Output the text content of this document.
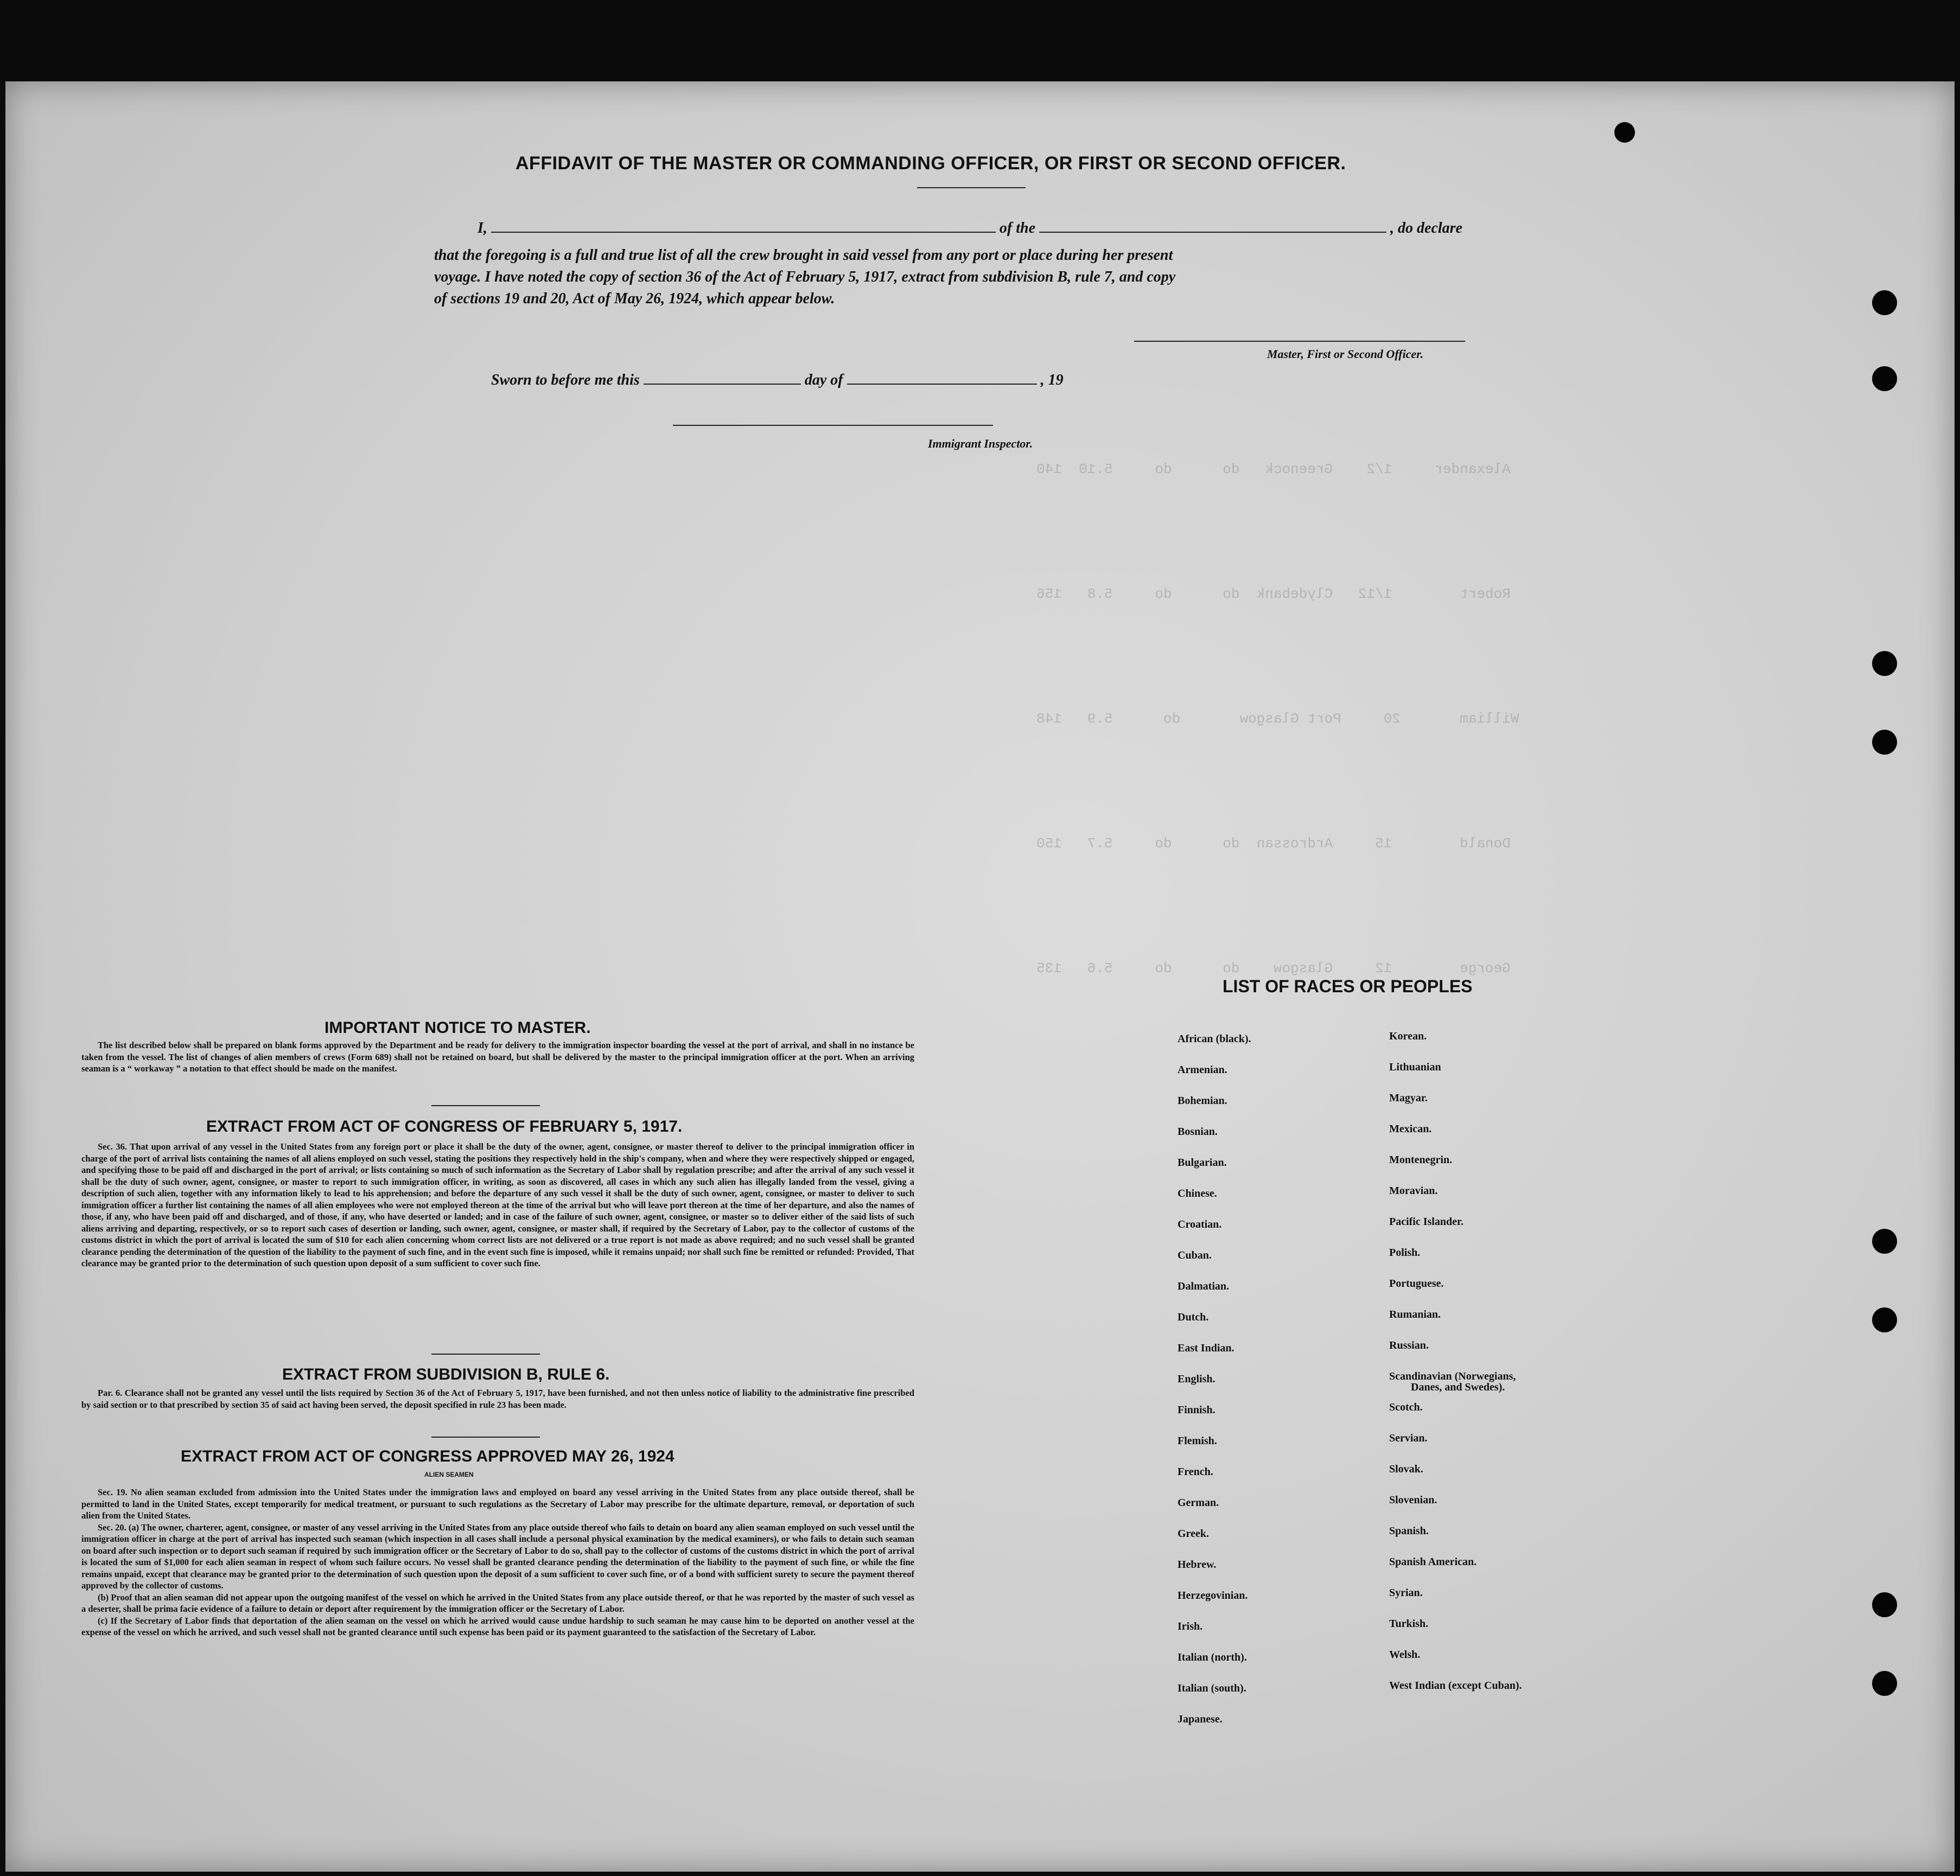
Alexander     1/2    Greenock   do      do     5.10  140
Robert        1/12   Clydebank  do      do     5.8   156
William       20     Port Glasgow       do      5.9   148
Donald        15     Ardrossan  do      do     5.7   150
George        12     Glasgow    do      do     5.6   135
AFFIDAVIT OF THE MASTER OR COMMANDING OFFICER, OR FIRST OR SECOND OFFICER.
I,	of the	, do declare
that the foregoing is a full and true list of all the crew brought in said vessel from any port or place during her present
voyage. I have noted the copy of section 36 of the Act of February 5, 1917, extract from subdivision B, rule 7, and copy
of sections 19 and 20, Act of May 26, 1924, which appear below.
Master, First or Second Officer.
Sworn to before me this	day of	, 19
Immigrant Inspector.
IMPORTANT NOTICE TO MASTER.

The list described below shall be prepared on blank forms approved by the Department and be ready for delivery to the immigration inspector boarding the vessel at the port of arrival, and shall in no instance be taken from the vessel. The list of changes of alien members of crews (Form 689) shall not be retained on board, but shall be delivered by the master to the principal immigration officer at the port. When an arriving seaman is a “ workaway ” a notation to that effect should be made on the manifest.

EXTRACT FROM ACT OF CONGRESS OF FEBRUARY 5, 1917.

Sec. 36. That upon arrival of any vessel in the United States from any foreign port or place it shall be the duty of the owner, agent, consignee, or master thereof to deliver to the principal immigration officer in charge of the port of arrival lists containing the names of all aliens employed on such vessel, stating the positions they respectively hold in the ship's company, when and where they were respectively shipped or engaged, and specifying those to be paid off and discharged in the port of arrival; or lists containing so much of such information as the Secretary of Labor shall by regulation prescribe; and after the arrival of any such vessel it shall be the duty of such owner, agent, consignee, or master to report to such immigration officer, in writing, as soon as discovered, all cases in which any such alien has illegally landed from the vessel, giving a description of such alien, together with any information likely to lead to his apprehension; and before the departure of any such vessel it shall be the duty of such owner, agent, consignee, or master to deliver to such immigration officer a further list containing the names of all alien employees who were not employed thereon at the time of the arrival but who will leave port thereon at the time of her departure, and also the names of those, if any, who have been paid off and discharged, and of those, if any, who have deserted or landed; and in case of the failure of such owner, agent, consignee, or master so to deliver either of the said lists of such aliens arriving and departing, respectively, or so to report such cases of desertion or landing, such owner, agent, consignee, or master shall, if required by the Secretary of Labor, pay to the collector of customs of the customs district in which the port of arrival is located the sum of $10 for each alien concerning whom correct lists are not delivered or a true report is not made as above required; and no such vessel shall be granted clearance pending the determination of the question of the liability to the payment of such fine, and in the event such fine is imposed, while it remains unpaid; nor shall such fine be remitted or refunded: Provided, That clearance may be granted prior to the determination of such question upon deposit of a sum sufficient to cover such fine.

EXTRACT FROM SUBDIVISION B, RULE 6.

Par. 6. Clearance shall not be granted any vessel until the lists required by Section 36 of the Act of February 5, 1917, have been furnished, and not then unless notice of liability to the administrative fine prescribed by said section or to that prescribed by section 35 of said act having been served, the deposit specified in rule 23 has been made.

EXTRACT FROM ACT OF CONGRESS APPROVED MAY 26, 1924
ALIEN SEAMEN

Sec. 19. No alien seaman excluded from admission into the United States under the immigration laws and employed on board any vessel arriving in the United States from any place outside thereof, shall be permitted to land in the United States, except temporarily for medical treatment, or pursuant to such regulations as the Secretary of Labor may prescribe for the ultimate departure, removal, or deportation of such alien from the United States.

Sec. 20. (a) The owner, charterer, agent, consignee, or master of any vessel arriving in the United States from any place outside thereof who fails to detain on board any alien seaman employed on such vessel until the immigration officer in charge at the port of arrival has inspected such seaman (which inspection in all cases shall include a personal physical examination by the medical examiners), or who fails to detain such seaman on board after such inspection or to deport such seaman if required by such immigration officer or the Secretary of Labor to do so, shall pay to the collector of customs of the customs district in which the port of arrival is located the sum of $1,000 for each alien seaman in respect of whom such failure occurs. No vessel shall be granted clearance pending the determination of the liability to the payment of such fine, or while the fine remains unpaid, except that clearance may be granted prior to the determination of such question upon the deposit of a sum sufficient to cover such fine, or of a bond with sufficient surety to secure the payment thereof approved by the collector of customs.

(b) Proof that an alien seaman did not appear upon the outgoing manifest of the vessel on which he arrived in the United States from any place outside thereof, or that he was reported by the master of such vessel as a deserter, shall be prima facie evidence of a failure to detain or deport after requirement by the immigration officer or the Secretary of Labor.

(c) If the Secretary of Labor finds that deportation of the alien seaman on the vessel on which he arrived would cause undue hardship to such seaman he may cause him to be deported on another vessel at the expense of the vessel on which he arrived, and such vessel shall not be granted clearance until such expense has been paid or its payment guaranteed to the satisfaction of the Secretary of Labor.

LIST OF RACES OR PEOPLES
African (black).
Armenian.
Bohemian.
Bosnian.
Bulgarian.
Chinese.
Croatian.
Cuban.
Dalmatian.
Dutch.
East Indian.
English.
Finnish.
Flemish.
French.
German.
Greek.
Hebrew.
Herzegovinian.
Irish.
Italian (north).
Italian (south).
Japanese.
Korean.
Lithuanian
Magyar.
Mexican.
Montenegrin.
Moravian.
Pacific Islander.
Polish.
Portuguese.
Rumanian.
Russian.
Scandinavian (Norwegians,
Danes, and Swedes).
Scotch.
Servian.
Slovak.
Slovenian.
Spanish.
Spanish American.
Syrian.
Turkish.
Welsh.
West Indian (except Cuban).
